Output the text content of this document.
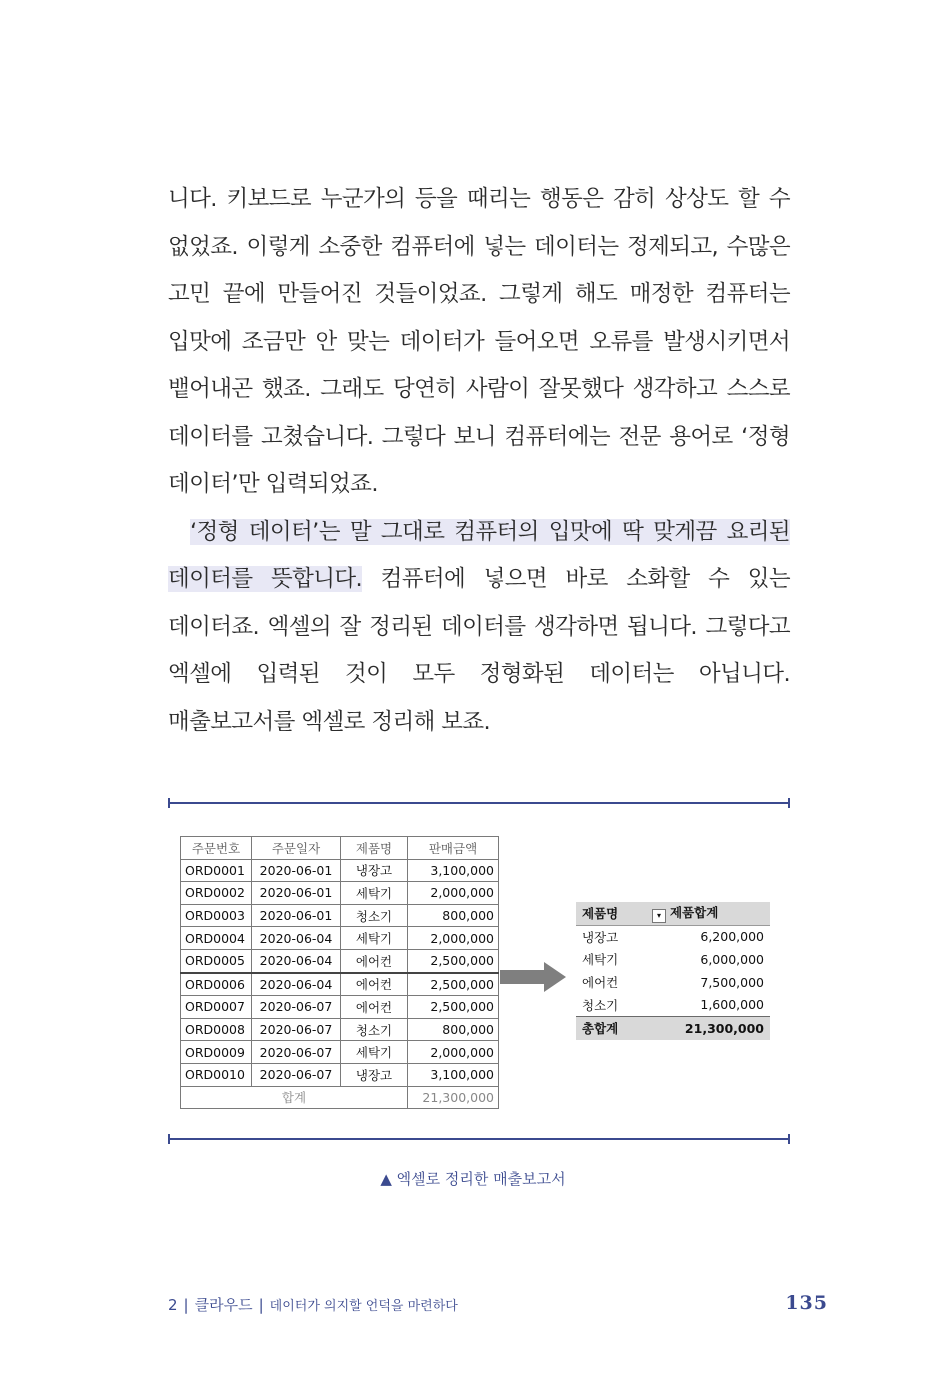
니다. 키보드로 누군가의 등을 때리는 행동은 감히 상상도 할 수 없었죠. 이렇게 소중한 컴퓨터에 넣는 데이터는 정제되고, 수많은 고민 끝에 만들어진 것들이었죠. 그렇게 해도 매정한 컴퓨터는 입맛에 조금만 안 맞는 데이터가 들어오면 오류를 발생시키면서 뱉어내곤 했죠. 그래도 당연히 사람이 잘못했다 생각하고 스스로 데이터를 고쳤습니다. 그렇다 보니 컴퓨터에는 전문 용어로 ‘정형 데이터’만 입력되었죠.

‘정형 데이터’는 말 그대로 컴퓨터의 입맛에 딱 맞게끔 요리된 데이터를 뜻합니다. 컴퓨터에 넣으면 바로 소화할 수 있는 데이터죠. 엑셀의 잘 정리된 데이터를 생각하면 됩니다. 그렇다고 엑셀에 입력된 것이 모두 정형화된 데이터는 아닙니다. 매출보고서를 엑셀로 정리해 보죠.

주문번호	주문일자	제품명	판매금액
ORD0001	2020-06-01	냉장고	3,100,000
ORD0002	2020-06-01	세탁기	2,000,000
ORD0003	2020-06-01	청소기	800,000
ORD0004	2020-06-04	세탁기	2,000,000
ORD0005	2020-06-04	에어컨	2,500,000
ORD0006	2020-06-04	에어컨	2,500,000
ORD0007	2020-06-07	에어컨	2,500,000
ORD0008	2020-06-07	청소기	800,000
ORD0009	2020-06-07	세탁기	2,000,000
ORD0010	2020-06-07	냉장고	3,100,000
합계			21,300,000
제품명	▾ 제품합계
냉장고	6,200,000
세탁기	6,000,000
에어컨	7,500,000
청소기	1,600,000
총합계	21,300,000
▲ 엑셀로 정리한 매출보고서
2 | 클라우드 | 데이터가 의지할 언덕을 마련하다	135
